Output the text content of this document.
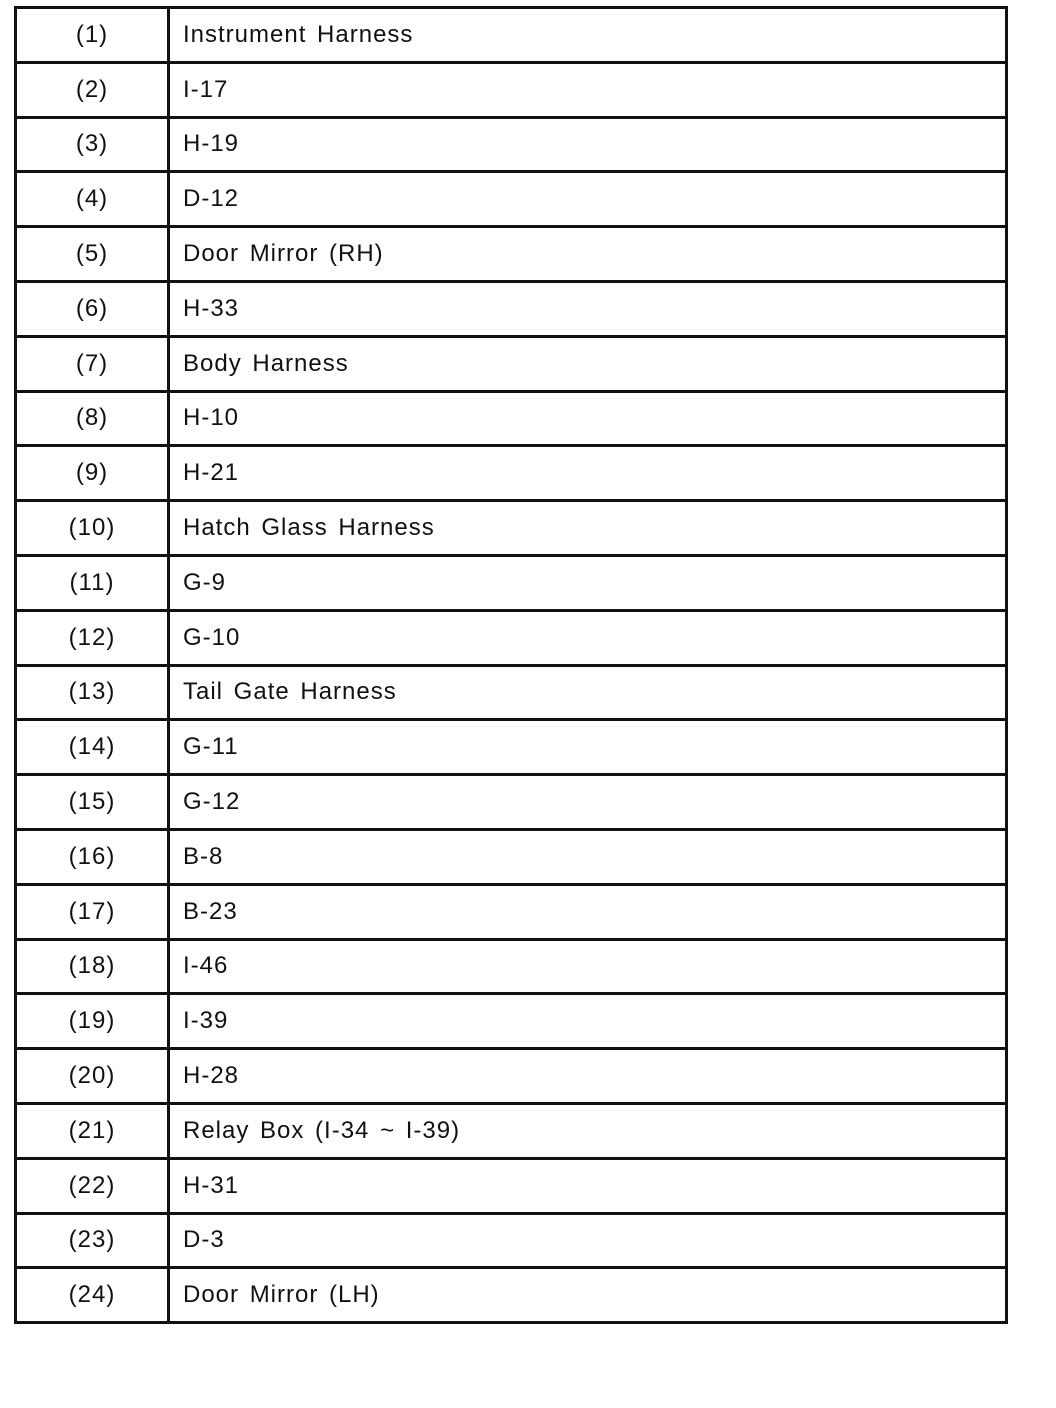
(1)	Instrument Harness
(2)	I-17
(3)	H-19
(4)	D-12
(5)	Door Mirror (RH)
(6)	H-33
(7)	Body Harness
(8)	H-10
(9)	H-21
(10)	Hatch Glass Harness
(11)	G-9
(12)	G-10
(13)	Tail Gate Harness
(14)	G-11
(15)	G-12
(16)	B-8
(17)	B-23
(18)	I-46
(19)	I-39
(20)	H-28
(21)	Relay Box (I-34 ~ I-39)
(22)	H-31
(23)	D-3
(24)	Door Mirror (LH)
